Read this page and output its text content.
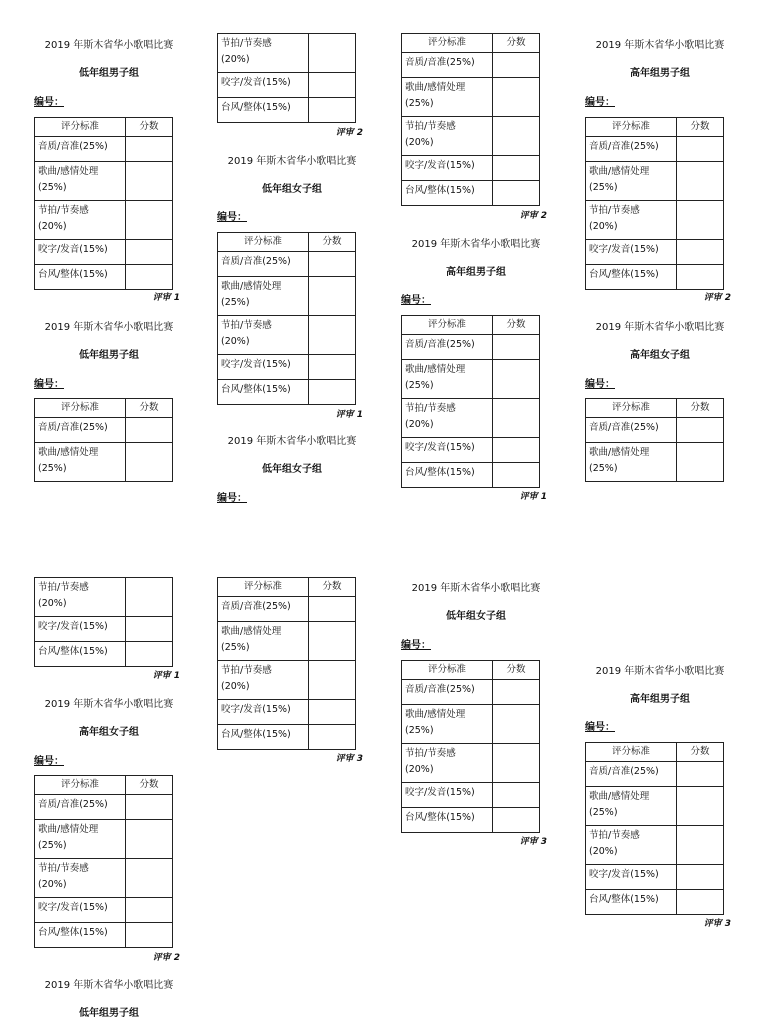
2019 年斯木省华小歌唱比赛
低年组男子组
编号：
评分标准	分数
音质/音准(25%)	
歌曲/感情处理
(25%)	
节拍/节奏感
(20%)	
咬字/发音(15%)	
台风/整体(15%)	
评审 1
2019 年斯木省华小歌唱比赛
低年组男子组
编号：
评分标准	分数
音质/音准(25%)	
歌曲/感情处理
(25%)	
节拍/节奏感
(20%)	
咬字/发音(15%)	
台风/整体(15%)	
评审 1
2019 年斯木省华小歌唱比赛
高年组女子组
编号：
评分标准	分数
音质/音准(25%)	
歌曲/感情处理
(25%)	
节拍/节奏感
(20%)	
咬字/发音(15%)	
台风/整体(15%)	
评审 2
2019 年斯木省华小歌唱比赛
低年组男子组
节拍/节奏感
(20%)	
咬字/发音(15%)	
台风/整体(15%)	
评审 2
2019 年斯木省华小歌唱比赛
低年组女子组
编号：
评分标准	分数
音质/音准(25%)	
歌曲/感情处理
(25%)	
节拍/节奏感
(20%)	
咬字/发音(15%)	
台风/整体(15%)	
评审 1
2019 年斯木省华小歌唱比赛
低年组女子组
编号：
评分标准	分数
音质/音准(25%)	
歌曲/感情处理
(25%)	
节拍/节奏感
(20%)	
咬字/发音(15%)	
台风/整体(15%)	
评审 3
评分标准	分数
音质/音准(25%)	
歌曲/感情处理
(25%)	
节拍/节奏感
(20%)	
咬字/发音(15%)	
台风/整体(15%)	
评审 2
2019 年斯木省华小歌唱比赛
高年组男子组
编号：
评分标准	分数
音质/音准(25%)	
歌曲/感情处理
(25%)	
节拍/节奏感
(20%)	
咬字/发音(15%)	
台风/整体(15%)	
评审 1
2019 年斯木省华小歌唱比赛
低年组女子组
编号：
评分标准	分数
音质/音准(25%)	
歌曲/感情处理
(25%)	
节拍/节奏感
(20%)	
咬字/发音(15%)	
台风/整体(15%)	
评审 3
2019 年斯木省华小歌唱比赛
高年组男子组
编号：
评分标准	分数
音质/音准(25%)	
歌曲/感情处理
(25%)	
节拍/节奏感
(20%)	
咬字/发音(15%)	
台风/整体(15%)	
评审 2
2019 年斯木省华小歌唱比赛
高年组女子组
编号：
评分标准	分数
音质/音准(25%)	
歌曲/感情处理
(25%)	
2019 年斯木省华小歌唱比赛
高年组男子组
编号：
评分标准	分数
音质/音准(25%)	
歌曲/感情处理
(25%)	
节拍/节奏感
(20%)	
咬字/发音(15%)	
台风/整体(15%)	
评审 3
